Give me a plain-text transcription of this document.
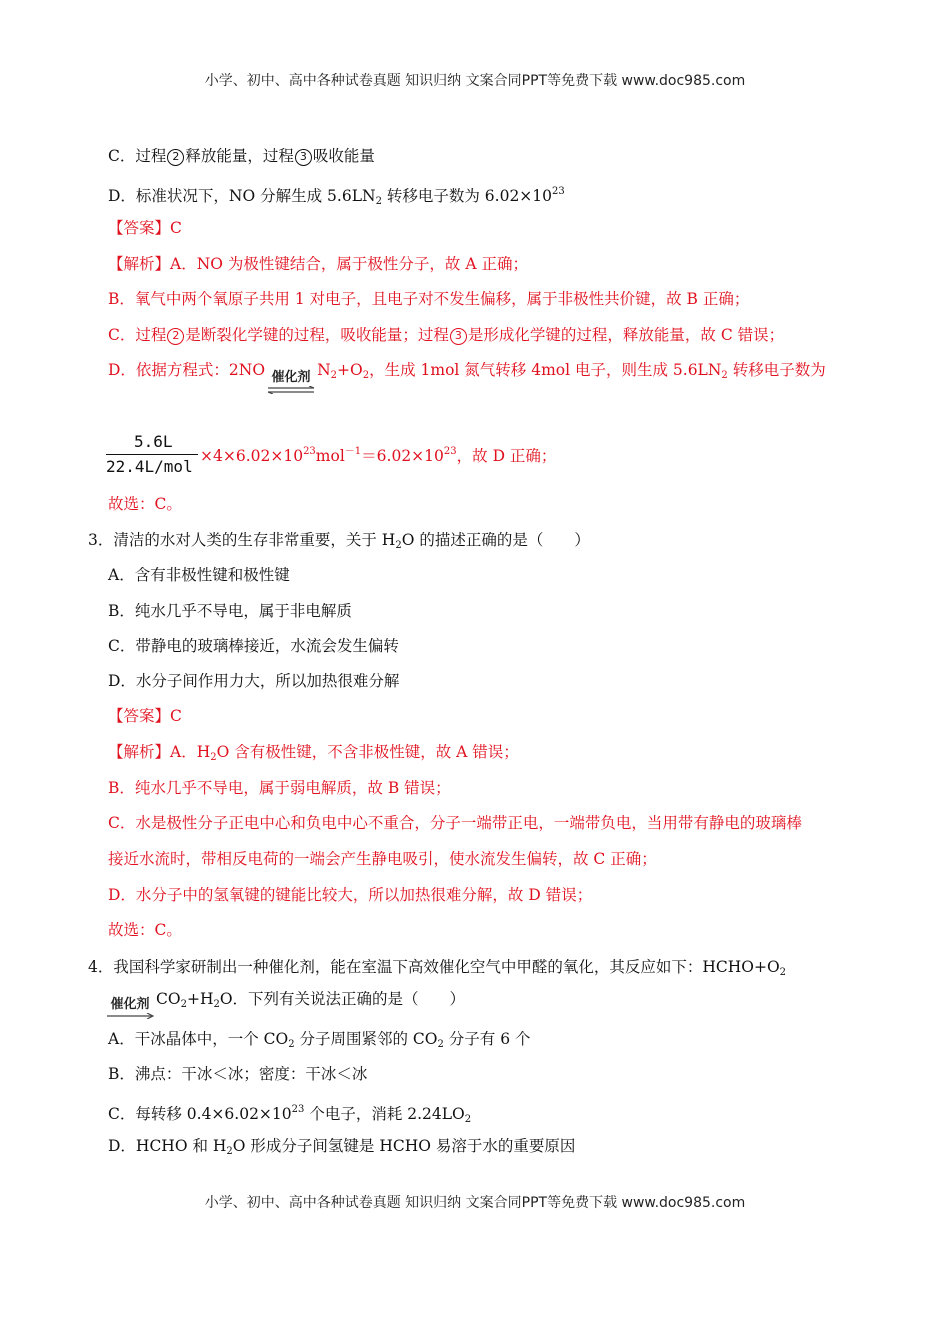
小学、初中、高中各种试卷真题 知识归纳 文案合同PPT等免费下载 www.doc985.com
C．过程 2 释放能量，过程 3 吸收能量
D．标准状况下，NO 分解生成 $5.6LN_2$ 转移电子数为 $6.02\times 10^{23}$
【答案】C
【解析】A．NO 为极性键结合，属于极性分子，故 A 正确；
B．氧气中两个氧原子共用 1 对电子，且电子对不发生偏移，属于非极性共价键，故 B 正确；
C．过程 2 是断裂化学键的过程，吸收能量；过程 3 是形成化学键的过程，释放能量，故 C 错误；
D．依据方程式：2NO 催化剂 $N_2+O_2$，生成 1mol 氮气转移 4mol 电子，则生成 $5.6LN_2$ 转移电子数为
5.6L
22.4L/mol
$\times 4\times 6.02\times 10^{23}mol^{-1}=6.02\times 10^{23}$，故 D 正确；
故选：C。
3．清洁的水对人类的生存非常重要，关于 $H_2O$ 的描述正确的是（　　）
A．含有非极性键和极性键
B．纯水几乎不导电，属于非电解质
C．带静电的玻璃棒接近，水流会发生偏转
D．水分子间作用力大，所以加热很难分解
【答案】C
【解析】A．$H_2O$ 含有极性键，不含非极性键，故 A 错误；
B．纯水几乎不导电，属于弱电解质，故 B 错误；
C．水是极性分子正电中心和负电中心不重合，分子一端带正电，一端带负电，当用带有静电的玻璃棒
接近水流时，带相反电荷的一端会产生静电吸引，使水流发生偏转，故 C 正确；
D．水分子中的氢氧键的键能比较大，所以加热很难分解，故 D 错误；
故选：C。
4．我国科学家研制出一种催化剂，能在室温下高效催化空气中甲醛的氧化，其反应如下：$HCHO+O_2$
催化剂 $CO_2+H_2O$．下列有关说法正确的是（　　）
A．干冰晶体中，一个 $CO_2$ 分子周围紧邻的 $CO_2$ 分子有 6 个
B．沸点：干冰＜冰；密度：干冰＜冰
C．每转移 $0.4\times 6.02\times 10^{23}$ 个电子，消耗 $2.24LO_2$
D．HCHO 和 $H_2O$ 形成分子间氢键是 HCHO 易溶于水的重要原因
小学、初中、高中各种试卷真题 知识归纳 文案合同PPT等免费下载 www.doc985.com
